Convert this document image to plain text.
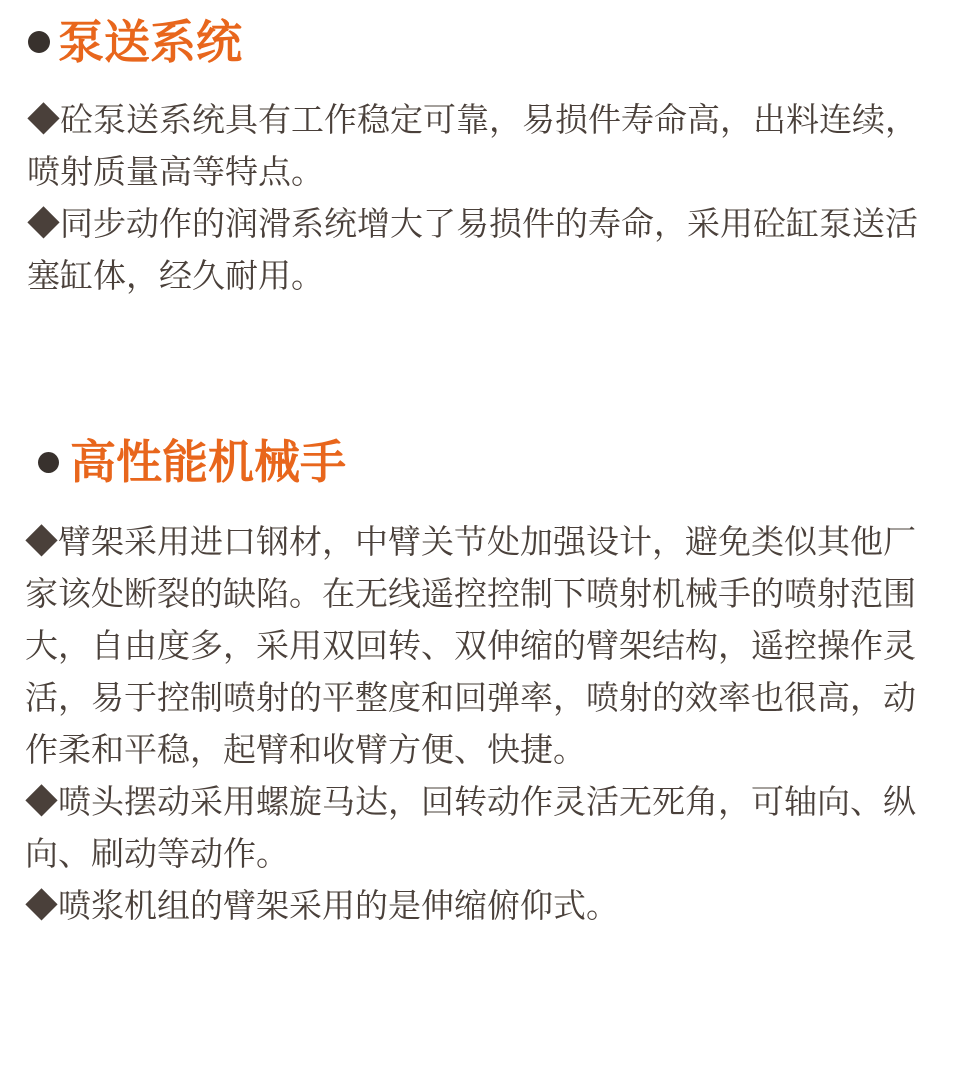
泵送系统

◆砼泵送系统具有工作稳定可靠，易损件寿命高，出料连续，喷射质量高等特点。

◆同步动作的润滑系统增大了易损件的寿命，采用砼缸泵送活塞缸体，经久耐用。

高性能机械手

◆臂架采用进口钢材，中臂关节处加强设计，避免类似其他厂家该处断裂的缺陷。在无线遥控控制下喷射机械手的喷射范围大，自由度多，采用双回转、双伸缩的臂架结构，遥控操作灵活，易于控制喷射的平整度和回弹率，喷射的效率也很高，动作柔和平稳，起臂和收臂方便、快捷。

◆喷头摆动采用螺旋马达，回转动作灵活无死角，可轴向、纵向、刷动等动作。

◆喷浆机组的臂架采用的是伸缩俯仰式。
